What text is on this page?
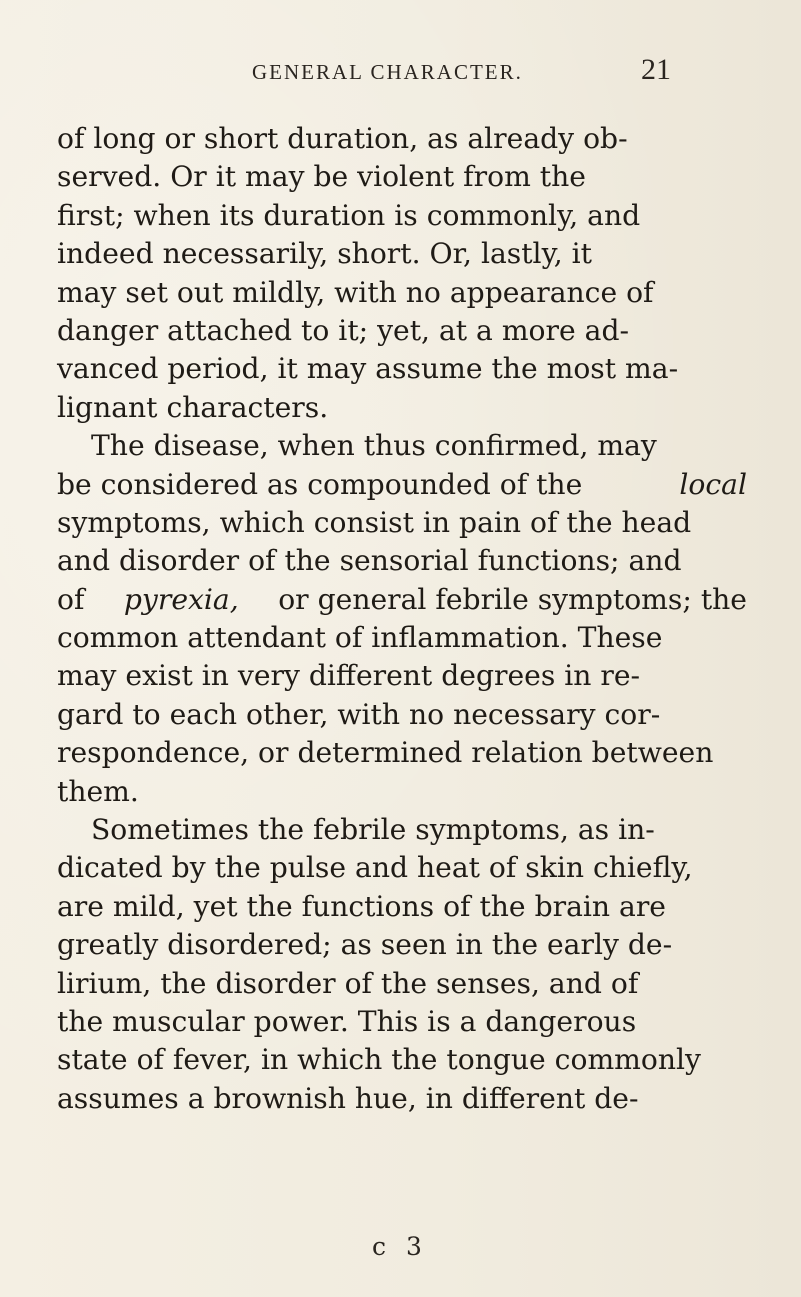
GENERAL CHARACTER.	21
of long or short duration, as already ob-
served. Or it may be violent from the
first; when its duration is commonly, and
indeed necessarily, short. Or, lastly, it
may set out mildly, with no appearance of
danger attached to it; yet, at a more ad-
vanced period, it may assume the most ma-
lignant characters.
The disease, when thus confirmed, may
be considered as compounded of the	local
symptoms, which consist in pain of the head
and disorder of the sensorial functions; and
of pyrexia, or general febrile symptoms; the
common attendant of inflammation. These
may exist in very different degrees in re-
gard to each other, with no necessary cor-
respondence, or determined relation between
them.
Sometimes the febrile symptoms, as in-
dicated by the pulse and heat of skin chiefly,
are mild, yet the functions of the brain are
greatly disordered; as seen in the early de-
lirium, the disorder of the senses, and of
the muscular power. This is a dangerous
state of fever, in which the tongue commonly
assumes a brownish hue, in different de-
c 3
